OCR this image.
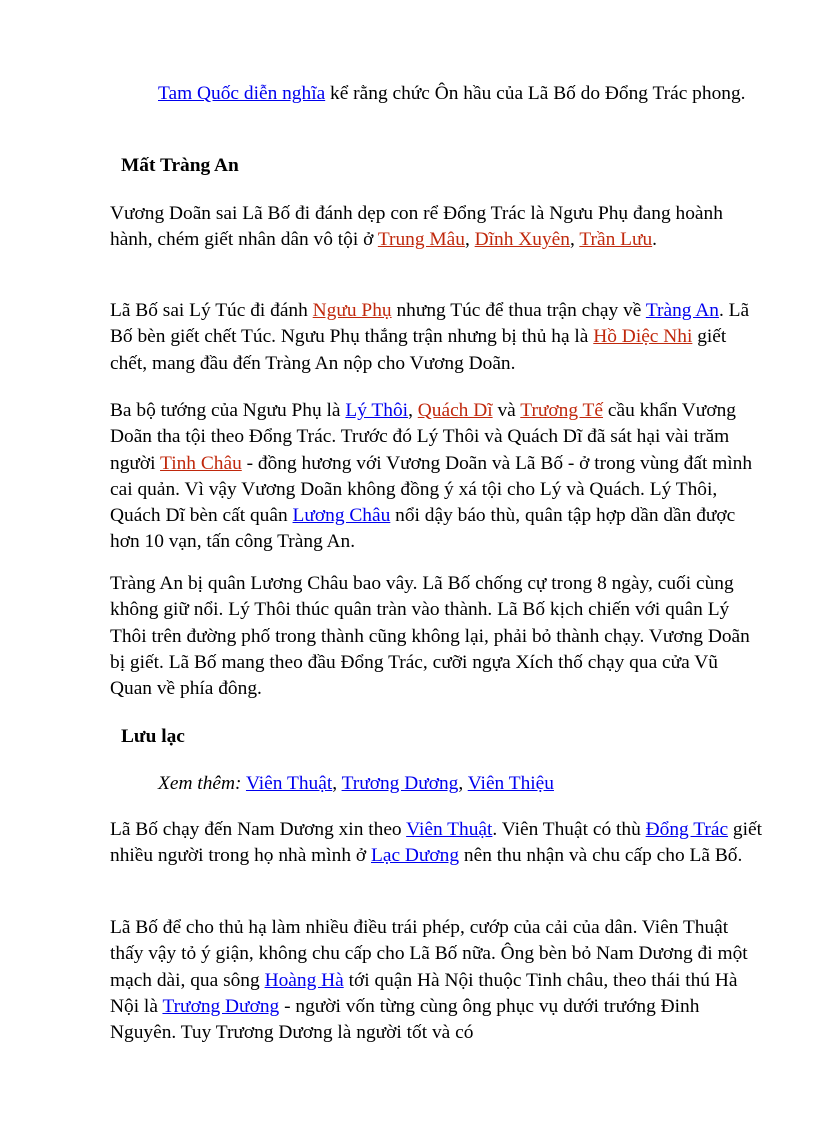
Tam Quốc diễn nghĩa kể rằng chức Ôn hầu của Lã Bố do Đổng Trác phong.

Mất Tràng An

Vương Doãn sai Lã Bố đi đánh dẹp con rể Đổng Trác là Ngưu Phụ đang hoành hành, chém giết nhân dân vô tội ở Trung Mâu, Dĩnh Xuyên, Trần Lưu.

Lã Bố sai Lý Túc đi đánh Ngưu Phụ nhưng Túc để thua trận chạy về Tràng An. Lã Bố bèn giết chết Túc. Ngưu Phụ thắng trận nhưng bị thủ hạ là Hồ Diệc Nhi giết chết, mang đầu đến Tràng An nộp cho Vương Doãn.

Ba bộ tướng của Ngưu Phụ là Lý Thôi, Quách Dĩ và Trương Tế cầu khẩn Vương Doãn tha tội theo Đổng Trác. Trước đó Lý Thôi và Quách Dĩ đã sát hại vài trăm người Tinh Châu - đồng hương với Vương Doãn và Lã Bố - ở trong vùng đất mình cai quản. Vì vậy Vương Doãn không đồng ý xá tội cho Lý và Quách. Lý Thôi, Quách Dĩ bèn cất quân Lương Châu nổi dậy báo thù, quân tập hợp dần dần được hơn 10 vạn, tấn công Tràng An.

Tràng An bị quân Lương Châu bao vây. Lã Bố chống cự trong 8 ngày, cuối cùng không giữ nổi. Lý Thôi thúc quân tràn vào thành. Lã Bố kịch chiến với quân Lý Thôi trên đường phố trong thành cũng không lại, phải bỏ thành chạy. Vương Doãn bị giết. Lã Bố mang theo đầu Đổng Trác, cưỡi ngựa Xích thố chạy qua cửa Vũ Quan về phía đông.

Lưu lạc

Xem thêm: Viên Thuật, Trương Dương, Viên Thiệu

Lã Bố chạy đến Nam Dương xin theo Viên Thuật. Viên Thuật có thù Đổng Trác giết nhiều người trong họ nhà mình ở Lạc Dương nên thu nhận và chu cấp cho Lã Bố.

Lã Bố để cho thủ hạ làm nhiều điều trái phép, cướp của cải của dân. Viên Thuật thấy vậy tỏ ý giận, không chu cấp cho Lã Bố nữa. Ông bèn bỏ Nam Dương đi một mạch dài, qua sông Hoàng Hà tới quận Hà Nội thuộc Tinh châu, theo thái thú Hà Nội là Trương Dương - người vốn từng cùng ông phục vụ dưới trướng Đinh Nguyên. Tuy Trương Dương là người tốt và có
